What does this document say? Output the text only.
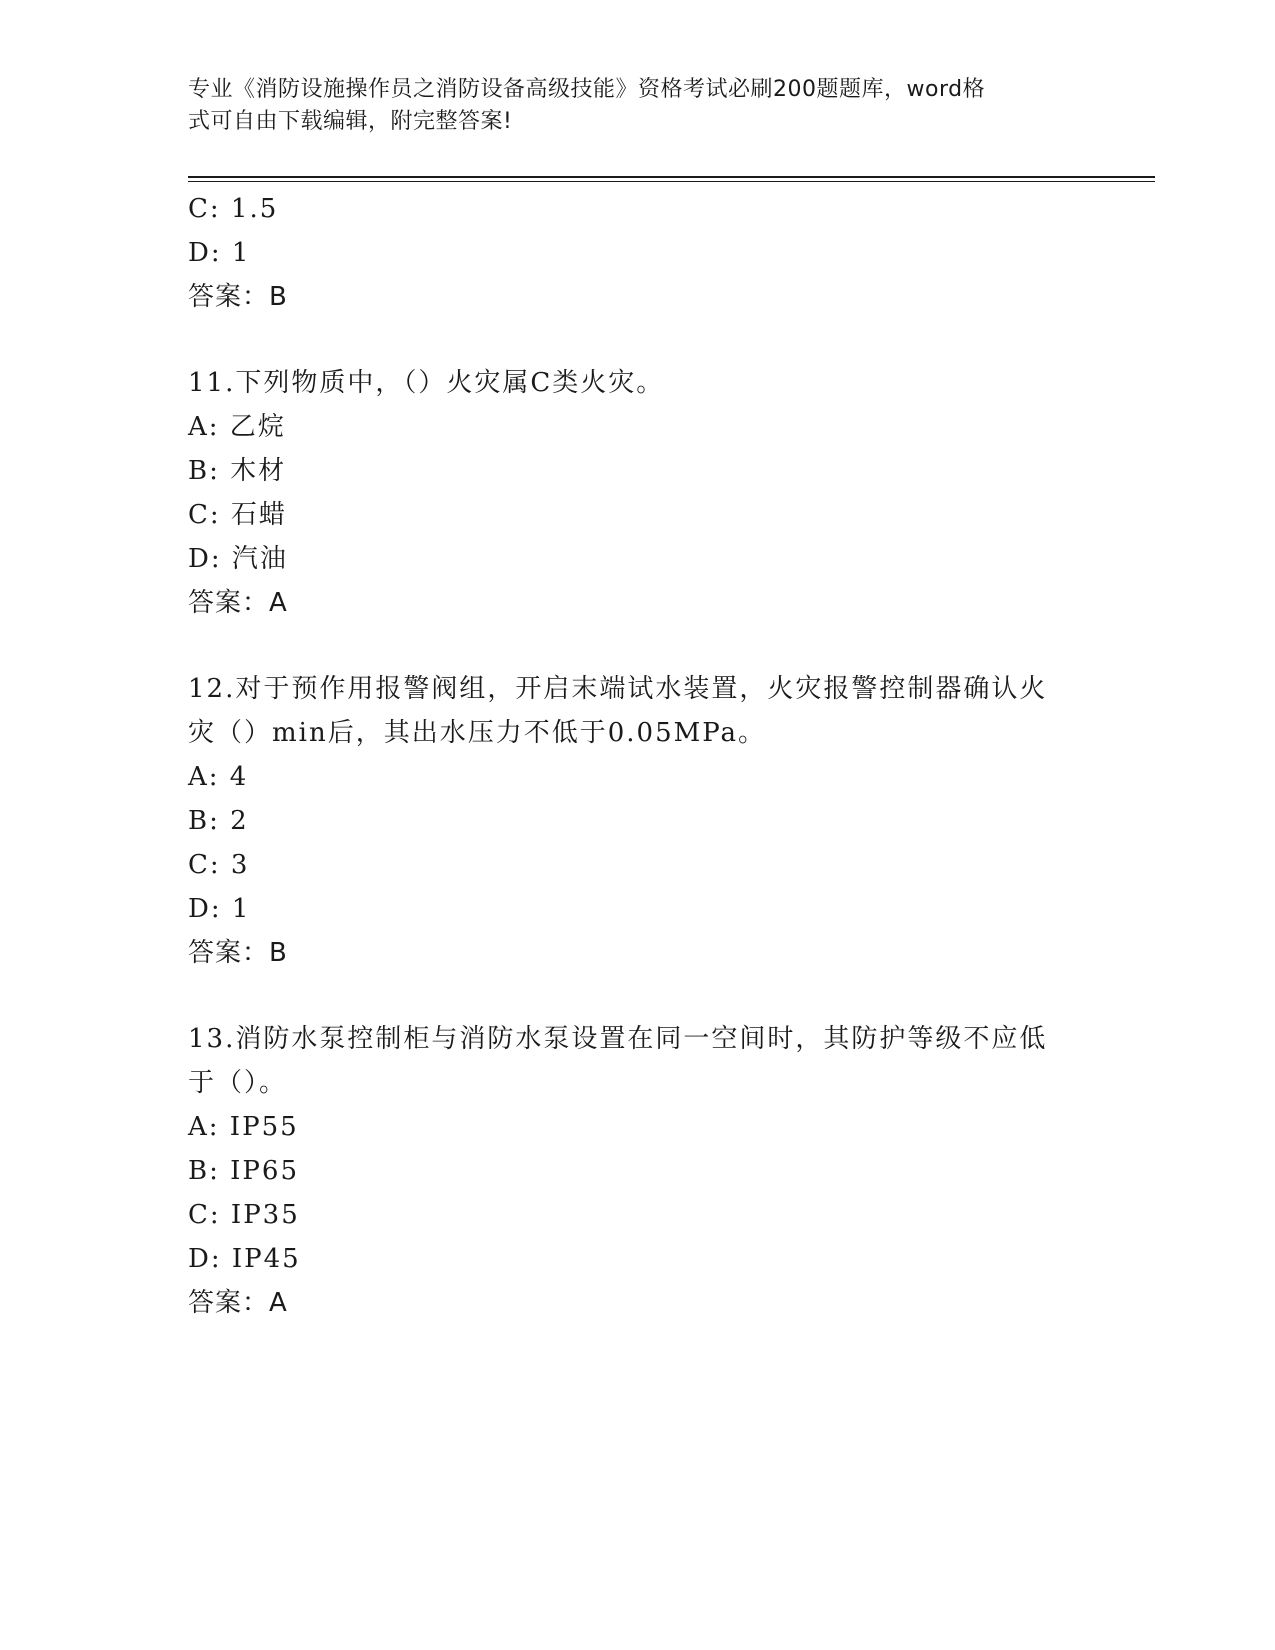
专业《消防设施操作员之消防设备高级技能》资格考试必刷200题题库，word格
式可自由下载编辑，附完整答案!
C: 1.5
D: 1
答案：B
11.下列物质中，（）火灾属C类火灾。
A: 乙烷
B: 木材
C: 石蜡
D: 汽油
答案：A
12.对于预作用报警阀组，开启末端试水装置，火灾报警控制器确认火
灾（）min后，其出水压力不低于0.05MPa。
A: 4
B: 2
C: 3
D: 1
答案：B
13.消防水泵控制柜与消防水泵设置在同一空间时，其防护等级不应低
于（）。
A: IP55
B: IP65
C: IP35
D: IP45
答案：A
